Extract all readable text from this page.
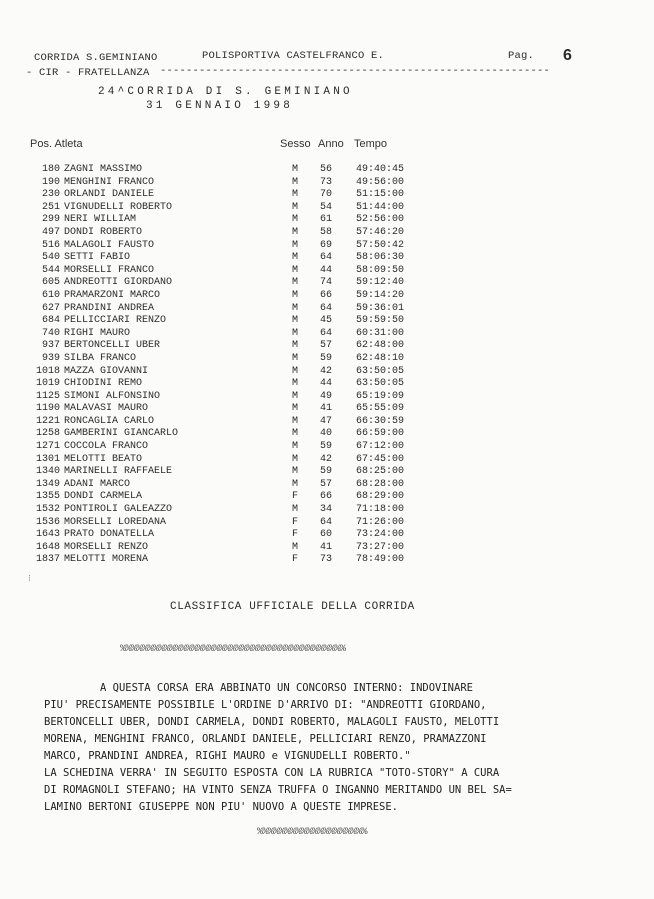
CORRIDA S.GEMINIANO	POLISPORTIVA CASTELFRANCO E.	Pag. 6
- CIR - FRATELLANZA ------------------------------------------------------------
24^CORRIDA DI S. GEMINIANO
31 GENNAIO 1998
Pos. Atleta	Sesso Anno Tempo
180 ZAGNI MASSIMO	M 56 49:40:45
190 MENGHINI FRANCO	M 73 49:56:00
230 ORLANDI DANIELE	M 70 51:15:00
251 VIGNUDELLI ROBERTO	M 54 51:44:00
299 NERI WILLIAM	M 61 52:56:00
497 DONDI ROBERTO	M 58 57:46:20
516 MALAGOLI FAUSTO	M 69 57:50:42
540 SETTI FABIO	M 64 58:06:30
544 MORSELLI FRANCO	M 44 58:09:50
605 ANDREOTTI GIORDANO	M 74 59:12:40
610 PRAMARZONI MARCO	M 66 59:14:20
627 PRANDINI ANDREA	M 64 59:36:01
684 PELLICCIARI RENZO	M 45 59:59:50
740 RIGHI MAURO	M 64 60:31:00
937 BERTONCELLI UBER	M 57 62:48:00
939 SILBA FRANCO	M 59 62:48:10
1018 MAZZA GIOVANNI	M 42 63:50:05
1019 CHIODINI REMO	M 44 63:50:05
1125 SIMONI ALFONSINO	M 49 65:19:09
1190 MALAVASI MAURO	M 41 65:55:09
1221 RONCAGLIA CARLO	M 47 66:30:59
1258 GAMBERINI GIANCARLO	M 40 66:59:00
1271 COCCOLA FRANCO	M 59 67:12:00
1301 MELOTTI BEATO	M 42 67:45:00
1340 MARINELLI RAFFAELE	M 59 68:25:00
1349 ADANI MARCO	M 57 68:28:00
1355 DONDI CARMELA	F 66 68:29:00
1532 PONTIROLI GALEAZZO	M 34 71:18:00
1536 MORSELLI LOREDANA	F 64 71:26:00
1643 PRATO DONATELLA	F 60 73:24:00
1648 MORSELLI RENZO	M 41 73:27:00
1837 MELOTTI MORENA	F 73 78:49:00
⁝
CLASSIFICA UFFICIALE DELLA CORRIDA
%%%%%%%%%%%%%%%%%%%%%%%%%%%%%%%%%%%%%%%%%
A QUESTA CORSA ERA ABBINATO UN CONCORSO INTERNO: INDOVINARE
PIU' PRECISAMENTE POSSIBILE L'ORDINE D'ARRIVO DI: "ANDREOTTI GIORDANO,
BERTONCELLI UBER, DONDI CARMELA, DONDI ROBERTO, MALAGOLI FAUSTO, MELOTTI
MORENA, MENGHINI FRANCO, ORLANDI DANIELE, PELLICIARI RENZO, PRAMAZZONI
MARCO, PRANDINI ANDREA, RIGHI MAURO e VIGNUDELLI ROBERTO."
LA SCHEDINA VERRA' IN SEGUITO ESPOSTA CON LA RUBRICA "TOTO-STORY" A CURA
DI ROMAGNOLI STEFANO; HA VINTO SENZA TRUFFA O INGANNO MERITANDO UN BEL SA=
LAMINO BERTONI GIUSEPPE NON PIU' NUOVO A QUESTE IMPRESE.
%%%%%%%%%%%%%%%%%%%%
